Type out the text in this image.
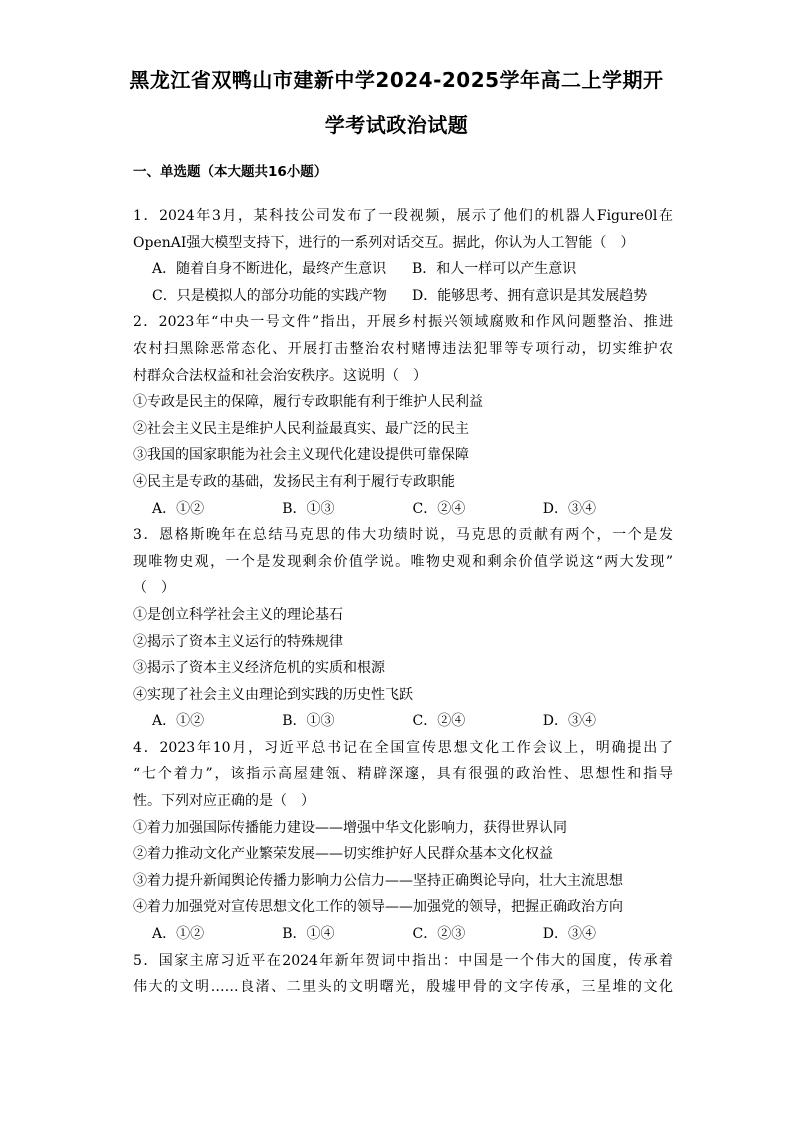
黑龙江省双鸭山市建新中学2024-2025学年高二上学期开
学考试政治试题
一、单选题（本大题共16小题）
1．2024年3月，某科技公司发布了一段视频，展示了他们的机器人Figure0l在
OpenAI强大模型支持下，进行的一系列对话交互。据此，你认为人工智能（　）
A．随着自身不断进化，最终产生意识	B．和人一样可以产生意识
C．只是模拟人的部分功能的实践产物	D．能够思考、拥有意识是其发展趋势
2．2023年“中央一号文件”指出，开展乡村振兴领域腐败和作风问题整治、推进
农村扫黑除恶常态化、开展打击整治农村赌博违法犯罪等专项行动，切实维护农
村群众合法权益和社会治安秩序。这说明（　）
①专政是民主的保障，履行专政职能有利于维护人民利益
②社会主义民主是维护人民利益最真实、最广泛的民主
③我国的国家职能为社会主义现代化建设提供可靠保障
④民主是专政的基础，发扬民主有利于履行专政职能
A．①②	B．①③	C．②④	D．③④
3．恩格斯晚年在总结马克思的伟大功绩时说，马克思的贡献有两个，一个是发
现唯物史观，一个是发现剩余价值学说。唯物史观和剩余价值学说这“两大发现”
（　）
①是创立科学社会主义的理论基石
②揭示了资本主义运行的特殊规律
③揭示了资本主义经济危机的实质和根源
④实现了社会主义由理论到实践的历史性飞跃
A．①②	B．①③	C．②④	D．③④
4．2023年10月，习近平总书记在全国宣传思想文化工作会议上，明确提出了
“七个着力”，该指示高屋建瓴、精辟深邃，具有很强的政治性、思想性和指导
性。下列对应正确的是（　）
①着力加强国际传播能力建设——增强中华文化影响力，获得世界认同
②着力推动文化产业繁荣发展——切实维护好人民群众基本文化权益
③着力提升新闻舆论传播力影响力公信力——坚持正确舆论导向，壮大主流思想
④着力加强党对宣传思想文化工作的领导——加强党的领导，把握正确政治方向
A．①②	B．①④	C．②③	D．③④
5．国家主席习近平在2024年新年贺词中指出：中国是一个伟大的国度，传承着
伟大的文明……良渚、二里头的文明曙光，殷墟甲骨的文字传承，三星堆的文化
